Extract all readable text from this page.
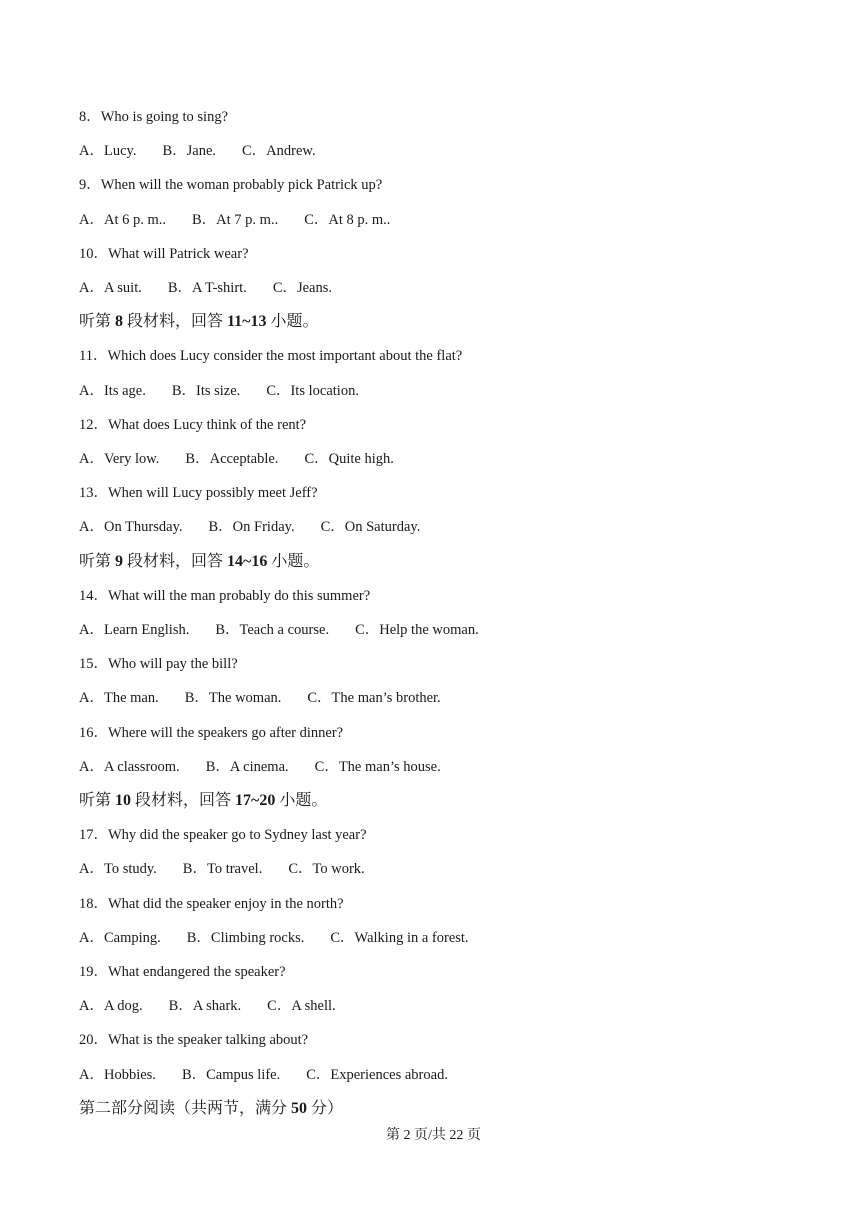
8．Who is going to sing?
A．Lucy. B．Jane. C．Andrew.
9．When will the woman probably pick Patrick up?
A．At 6 p. m.. B．At 7 p. m.. C．At 8 p. m..
10．What will Patrick wear?
A．A suit. B．A T-shirt. C．Jeans.
听第 8 段材料，回答 11~13 小题。
11．Which does Lucy consider the most important about the flat?
A．Its age. B．Its size. C．Its location.
12．What does Lucy think of the rent?
A．Very low. B．Acceptable. C．Quite high.
13．When will Lucy possibly meet Jeff?
A．On Thursday. B．On Friday. C．On Saturday.
听第 9 段材料，回答 14~16 小题。
14．What will the man probably do this summer?
A．Learn English. B．Teach a course. C．Help the woman.
15．Who will pay the bill?
A．The man. B．The woman. C．The man’s brother.
16．Where will the speakers go after dinner?
A．A classroom. B．A cinema. C．The man’s house.
听第 10 段材料，回答 17~20 小题。
17．Why did the speaker go to Sydney last year?
A．To study. B．To travel. C．To work.
18．What did the speaker enjoy in the north?
A．Camping. B．Climbing rocks. C．Walking in a forest.
19．What endangered the speaker?
A．A dog. B．A shark. C．A shell.
20．What is the speaker talking about?
A．Hobbies. B．Campus life. C．Experiences abroad.
第二部分阅读（共两节，满分 50 分）
第 2 页/共 22 页
